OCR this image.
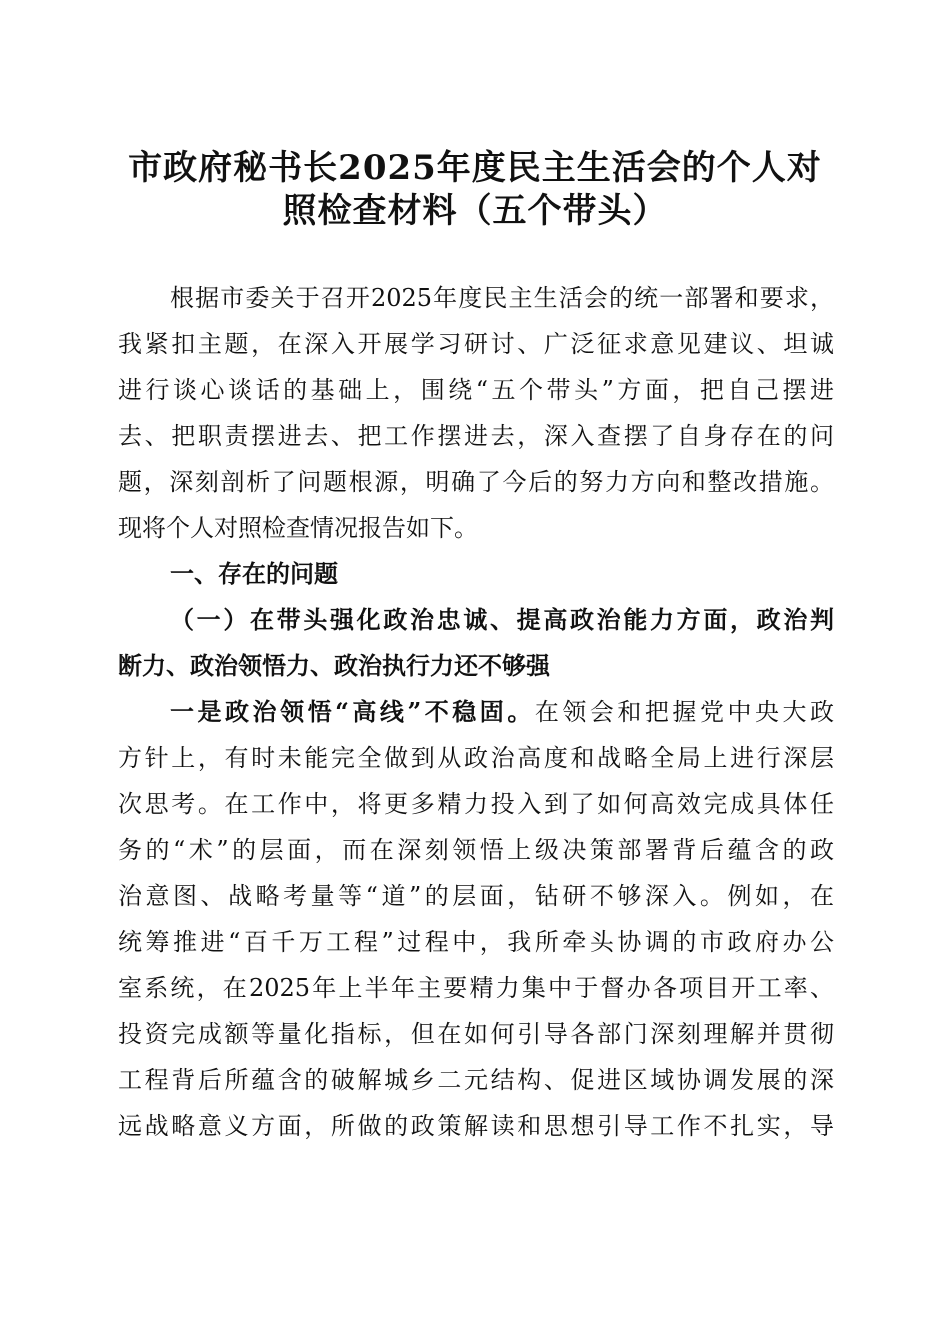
市政府秘书长2025年度民主生活会的个人对
照检查材料（五个带头）
根据市委关于召开2025年度民主生活会的统一部署和要求，
我紧扣主题，在深入开展学习研讨、广泛征求意见建议、坦诚
进行谈心谈话的基础上，围绕“五个带头”方面，把自己摆进
去、把职责摆进去、把工作摆进去，深入查摆了自身存在的问
题，深刻剖析了问题根源，明确了今后的努力方向和整改措施。
现将个人对照检查情况报告如下。
一、存在的问题
（一）在带头强化政治忠诚、提高政治能力方面，政治判
断力、政治领悟力、政治执行力还不够强
一是政治领悟“高线”不稳固。在领会和把握党中央大政
方针上，有时未能完全做到从政治高度和战略全局上进行深层
次思考。在工作中，将更多精力投入到了如何高效完成具体任
务的“术”的层面，而在深刻领悟上级决策部署背后蕴含的政
治意图、战略考量等“道”的层面，钻研不够深入。例如，在
统筹推进“百千万工程”过程中，我所牵头协调的市政府办公
室系统，在2025年上半年主要精力集中于督办各项目开工率、
投资完成额等量化指标，但在如何引导各部门深刻理解并贯彻
工程背后所蕴含的破解城乡二元结构、促进区域协调发展的深
远战略意义方面，所做的政策解读和思想引导工作不扎实，导
